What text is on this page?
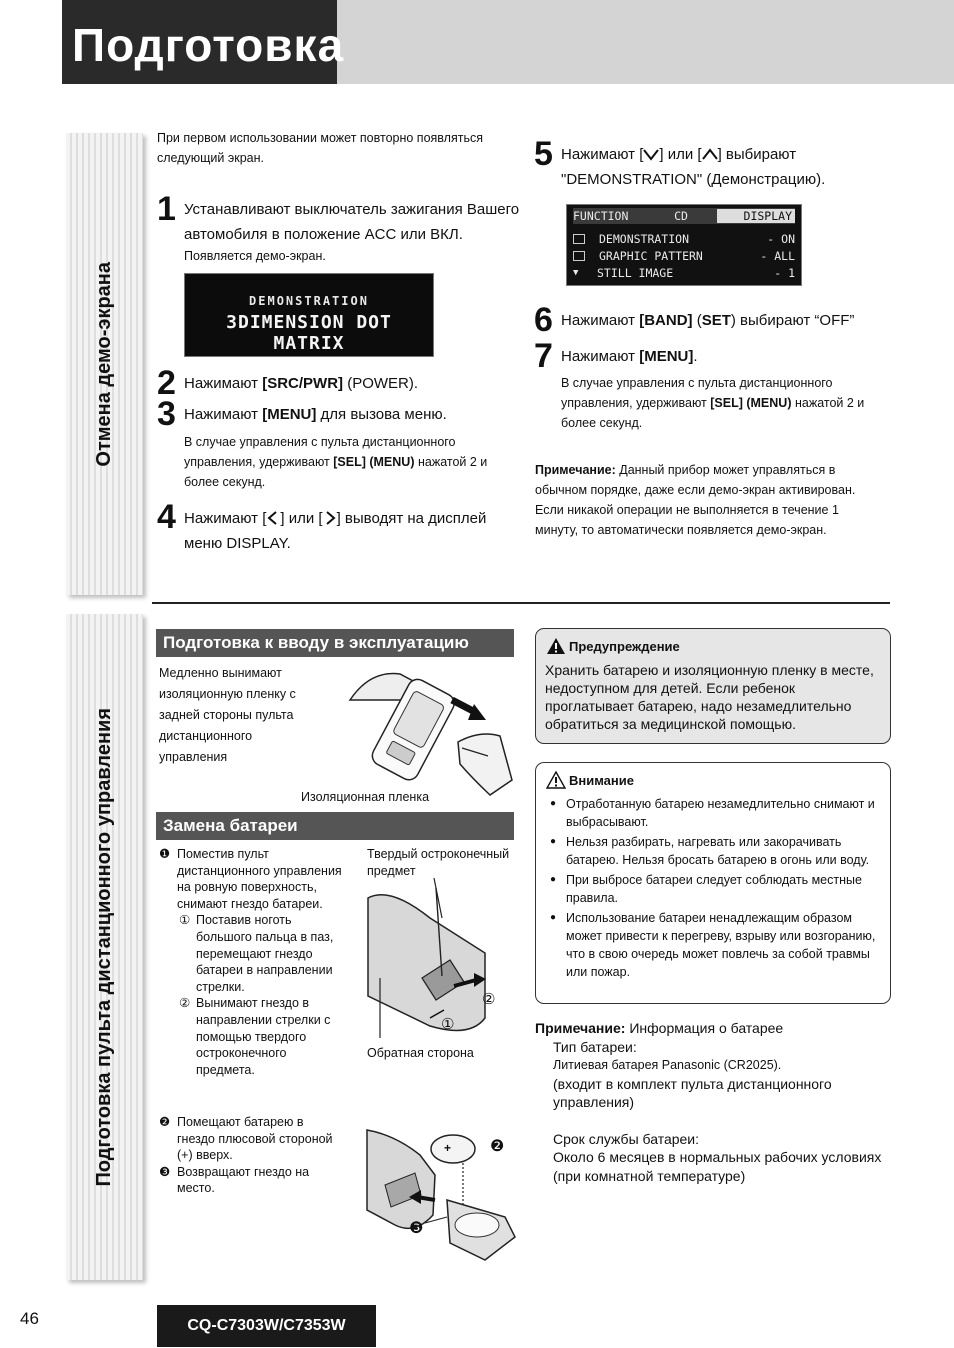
Подготовка
Отмена демо-экрана
Подготовка пульта дистанционного управления
При первом использовании может повторно появляться
следующий экран.
1 Устанавливают выключатель зажигания Вашего
автомобиля в положение ACC или ВКЛ.
Появляется демо-экран.
DEMONSTRATION
3DIMENSION DOT MATRIX
2 Нажимают [SRC/PWR] (POWER).
3 Нажимают [MENU] для вызова меню.
В случае управления с пульта дистанционного управления, удерживают [SEL] (MENU) нажатой 2 и более секунд.
4 Нажимают [ ] или [ ] выводят на дисплей
меню DISPLAY.
5 Нажимают [ ] или [ ] выбирают
"DEMONSTRATION" (Демонстрацию).
FUNCTION	CD	DISPLAY
DEMONSTRATION	- ON
GRAPHIC PATTERN	- ALL
▼	STILL IMAGE	- 1
6 Нажимают [BAND] (SET) выбирают “OFF”
7 Нажимают [MENU].
В случае управления с пульта дистанционного управления, удерживают [SEL] (MENU) нажатой 2 и более секунд.
Примечание: Данный прибор может управляться в обычном порядке, даже если демо-экран активирован. Если никакой операции не выполняется в течение 1 минуту, то автоматически появляется демо-экран.
Подготовка к вводу в эксплуатацию
Медленно вынимают
изоляционную пленку с
задней стороны пульта
дистанционного
управления
Изоляционная пленка
Замена батареи
❶ Поместив пульт
дистанционного управления
на ровную поверхность,
снимают гнездо батареи.
① Поставив ноготь
большого пальца в паз,
перемещают гнездо
батареи в направлении
стрелки.
② Вынимают гнездо в
направлении стрелки с
помощью твердого
остроконечного
предмета.
Твердый остроконечный
предмет
②
①
Обратная сторона
❷ Помещают батарею в
гнездо плюсовой стороной
(+) вверх.
❸ Возвращают гнездо на
место.
+ ❷
❸
Предупреждение
Хранить батарею и изоляционную пленку в месте,
недоступном для детей. Если ребенок
проглатывает батарею, надо незамедлительно
обратиться за медицинской помощью.
Внимание
● Отработанную батарею незамедлительно снимают и выбрасывают.
● Нельзя разбирать, нагревать или закорачивать батарею. Нельзя бросать батарею в огонь или воду.
● При выбросе батареи следует соблюдать местные правила.
● Использование батареи ненадлежащим образом может привести к перегреву, взрыву или возгоранию, что в свою очередь может повлечь за собой травмы или пожар.
Примечание: Информация о батарее
Тип батареи:
Литиевая батарея Panasonic (CR2025).
(входит в комплект пульта дистанционного
управления)
Срок службы батареи:
Около 6 месяцев в нормальных рабочих условиях
(при комнатной температуре)
46	CQ-C7303W/C7353W
